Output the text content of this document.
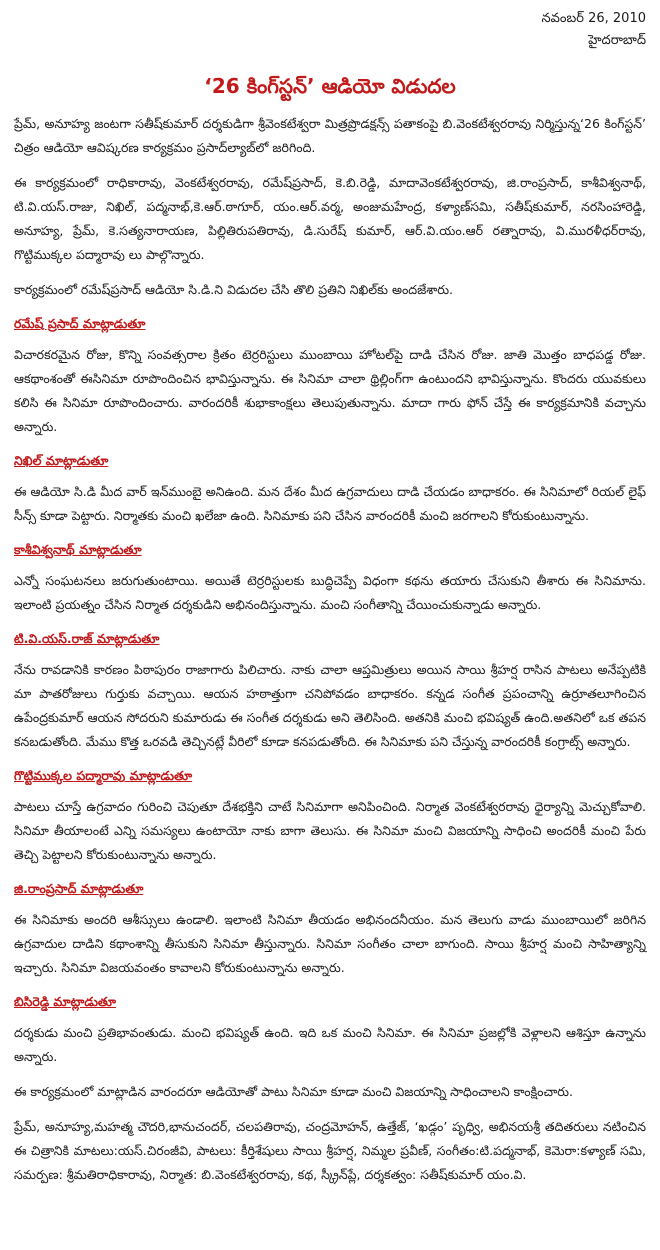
నవంబర్ 26, 2010
హైదరాబాద్
‘26 కింగ్‌స్టన్’ ఆడియో విడుదల

ప్రేమ్, అనూహ్య జంటగా సతీష్‌కుమార్ దర్శకుడిగా శ్రీవెంకటేశ్వరా మిత్రప్రొడక్షన్స్ పతాకంపై బి.వెంకటేశ్వరరావు నిర్మిస్తున్న‘26 కింగ్‌స్టన్’ చిత్రం ఆడియో ఆవిష్కరణ కార్యక్రమం ప్రసాద్‌ల్యాబ్‌లో జరిగింది.

ఈ కార్యక్రమంలో రాధికారావు, వెంకటేశ్వరరావు, రమేష్‌ప్రసాద్, కె.బి.రెడ్డి, మాదావెంకటేశ్వరరావు, జి.రాంప్రసాద్, కాశీవిశ్వనాథ్, టి.వి.యస్.రాజు, నిఖిల్, పద్మనాభ్,కె.ఆర్.ఠాగూర్, యం.ఆర్.వర్మ, అంజుమహేంద్ర, కళ్యాణ్‌సమి, సతీష్‌కుమార్, నరసింహారెడ్డి, అనూహ్య, ప్రేమ్, కె.సత్యనారాయణ, పిల్లితిరుపతిరావు, డి.సురేష్ కుమార్, ఆర్.వి.యం.ఆర్ రత్నారావు, వి.మురళీధర్‌రావు, గొట్టిముక్కల పద్మారావు లు పాల్గొన్నారు.

కార్యక్రమంలో రమేష్‌ప్రసాద్ ఆడియో సి.డి.ని విడుదల చేసి తొలి ప్రతిని నిఖిల్‌కు అందజేశారు.

రమేష్ ప్రసాద్ మాట్లాడుతూ

విచారకరమైన రోజు, కొన్ని సంవత్సరాల క్రితం టెర్రరిస్టులు ముంబాయి హోటల్‌పై దాడి చేసిన రోజు. జాతి మొత్తం బాధపడ్డ రోజు. ఆకథాంశంతో ఈసినిమా రూపొందించిన భావిస్తున్నాను. ఈ సినిమా చాలా థ్రిల్లింగ్‌గా ఉంటుందని భావిస్తున్నాను. కొందరు యువకులు కలిసి ఈ సినిమా రూపొందించారు. వారందరికీ శుభాకాంక్షలు తెలుపుతున్నాను. మాదా గారు ఫోన్ చేస్తే ఈ కార్యక్రమానికి వచ్చాను అన్నారు.

నిఖిల్ మాట్లాడుతూ

ఈ ఆడియో సి.డి మీద వార్ ఇన్‌ముంబై అనిఉంది. మన దేశం మీద ఉగ్రవాదులు దాడి చేయడం బాధాకరం. ఈ సినిమాలో రియల్ లైఫ్ సీన్స్ కూడా పెట్టారు. నిర్మాతకు మంచి ఖలేజా ఉంది. సినిమాకు పని చేసిన వారందరికీ మంచి జరగాలని కోరుకుంటున్నాను.

కాశీవిశ్వనాథ్ మాట్లాడుతూ

ఎన్నో సంఘటనలు జరుగుతుంటాయి. అయితే టెర్రరిస్టులకు బుద్ధిచెప్పే విధంగా కథను తయారు చేసుకుని తీశారు ఈ సినిమాను. ఇలాంటి ప్రయత్నం చేసిన నిర్మాత దర్శకుడిని అభినందిస్తున్నాను. మంచి సంగీతాన్ని చేయించుకున్నాడు అన్నారు.

టి.వి.యస్.రాజ్ మాట్లాడుతూ

నేను రావడానికి కారణం పిఠాపురం రాజాగారు పిలిచారు. నాకు చాలా ఆప్తమిత్రులు అయిన సాయి శ్రీహర్ష రాసిన పాటలు అనేప్పటికి మా పాతరోజులు గుర్తుకు వచ్చాయి. ఆయన హఠాత్తుగా చనిపోవడం బాధాకరం. కన్నడ సంగీత ప్రపంచాన్ని ఉర్రూతలూగించిన ఉపేంద్రకుమార్ ఆయన సోదరుని కుమారుడు ఈ సంగీత దర్శకుడు అని తెలిసింది. అతనికి మంచి భవిష్యత్ ఉంది.అతనిలో ఒక తపన కనబడుతోంది. మేము కొత్త ఒరవడి తెచ్చినట్లే వీరిలో కూడా కనపడుతోంది. ఈ సినిమాకు పని చేస్తున్న వారందరికీ కంగ్రాట్స్ అన్నారు.

గొట్టిముక్కల పద్మారావు మాట్లాడుతూ

పాటలు చూస్తే ఉగ్రవాదం గురించి చెపుతూ దేశభక్తిని చాటే సినిమాగా అనిపించింది. నిర్మాత వెంకటేశ్వరరావు ధైర్యాన్ని మెచ్చుకోవాలి. సినిమా తీయాలంటే ఎన్ని సమస్యలు ఉంటాయో నాకు బాగా తెలుసు. ఈ సినిమా మంచి విజయాన్ని సాధించి అందరికీ మంచి పేరు తెచ్చి పెట్టాలని కోరుకుంటున్నాను అన్నారు.

జి.రాంప్రసాద్ మాట్లాడుతూ

ఈ సినిమాకు అందరి ఆశీస్సులు ఉండాలి. ఇలాంటి సినిమా తీయడం అభినందనీయం. మన తెలుగు వాడు ముంబాయిలో జరిగిన ఉగ్రవాదుల దాడిని కథాంశాన్ని తీసుకుని సినిమా తీస్తున్నారు. సినిమా సంగీతం చాలా బాగుంది. సాయి శ్రీహర్ష మంచి సాహిత్యాన్ని ఇచ్చారు. సినిమా విజయవంతం కావాలని కోరుకుంటున్నాను అన్నారు.

బిసిరెడ్డి మాట్లాడుతూ

దర్శకుడు మంచి ప్రతిభావంతుడు. మంచి భవిష్యత్ ఉంది. ఇది ఒక మంచి సినిమా. ఈ సినిమా ప్రజల్లోకి వెళ్లాలని ఆశిస్తూ ఉన్నాను అన్నారు.

ఈ కార్యక్రమంలో మాట్లాడిన వారందరూ ఆడియోతో పాటు సినిమా కూడా మంచి విజయాన్ని సాధించాలని కాంక్షించారు.

ప్రేమ్, అనూహ్య,మహత్మ చౌదరి,భానుచందర్, చలపతిరావు, చంద్రమోహన్, ఉత్తేజ్, ‘ఖడ్గం’ పృధ్వి, అభినయశ్రీ తదితరులు నటించిన ఈ చిత్రానికి మాటలు:యస్.చిరంజీవి, పాటలు: కీర్తిశేషులు సాయి శ్రీహర్ష, నిమ్మల ప్రవీణ్, సంగీతం:టి.పద్మనాభ్, కెమెరా:కళ్యాణ్ సమి, సమర్పణ: శ్రీమతిరాధికారావు, నిర్మాత: బి.వెంకటేశ్వరరావు, కథ, స్క్రీన్‌ప్లే, దర్శకత్వం: సతీష్‌కుమార్ యం.వి.
